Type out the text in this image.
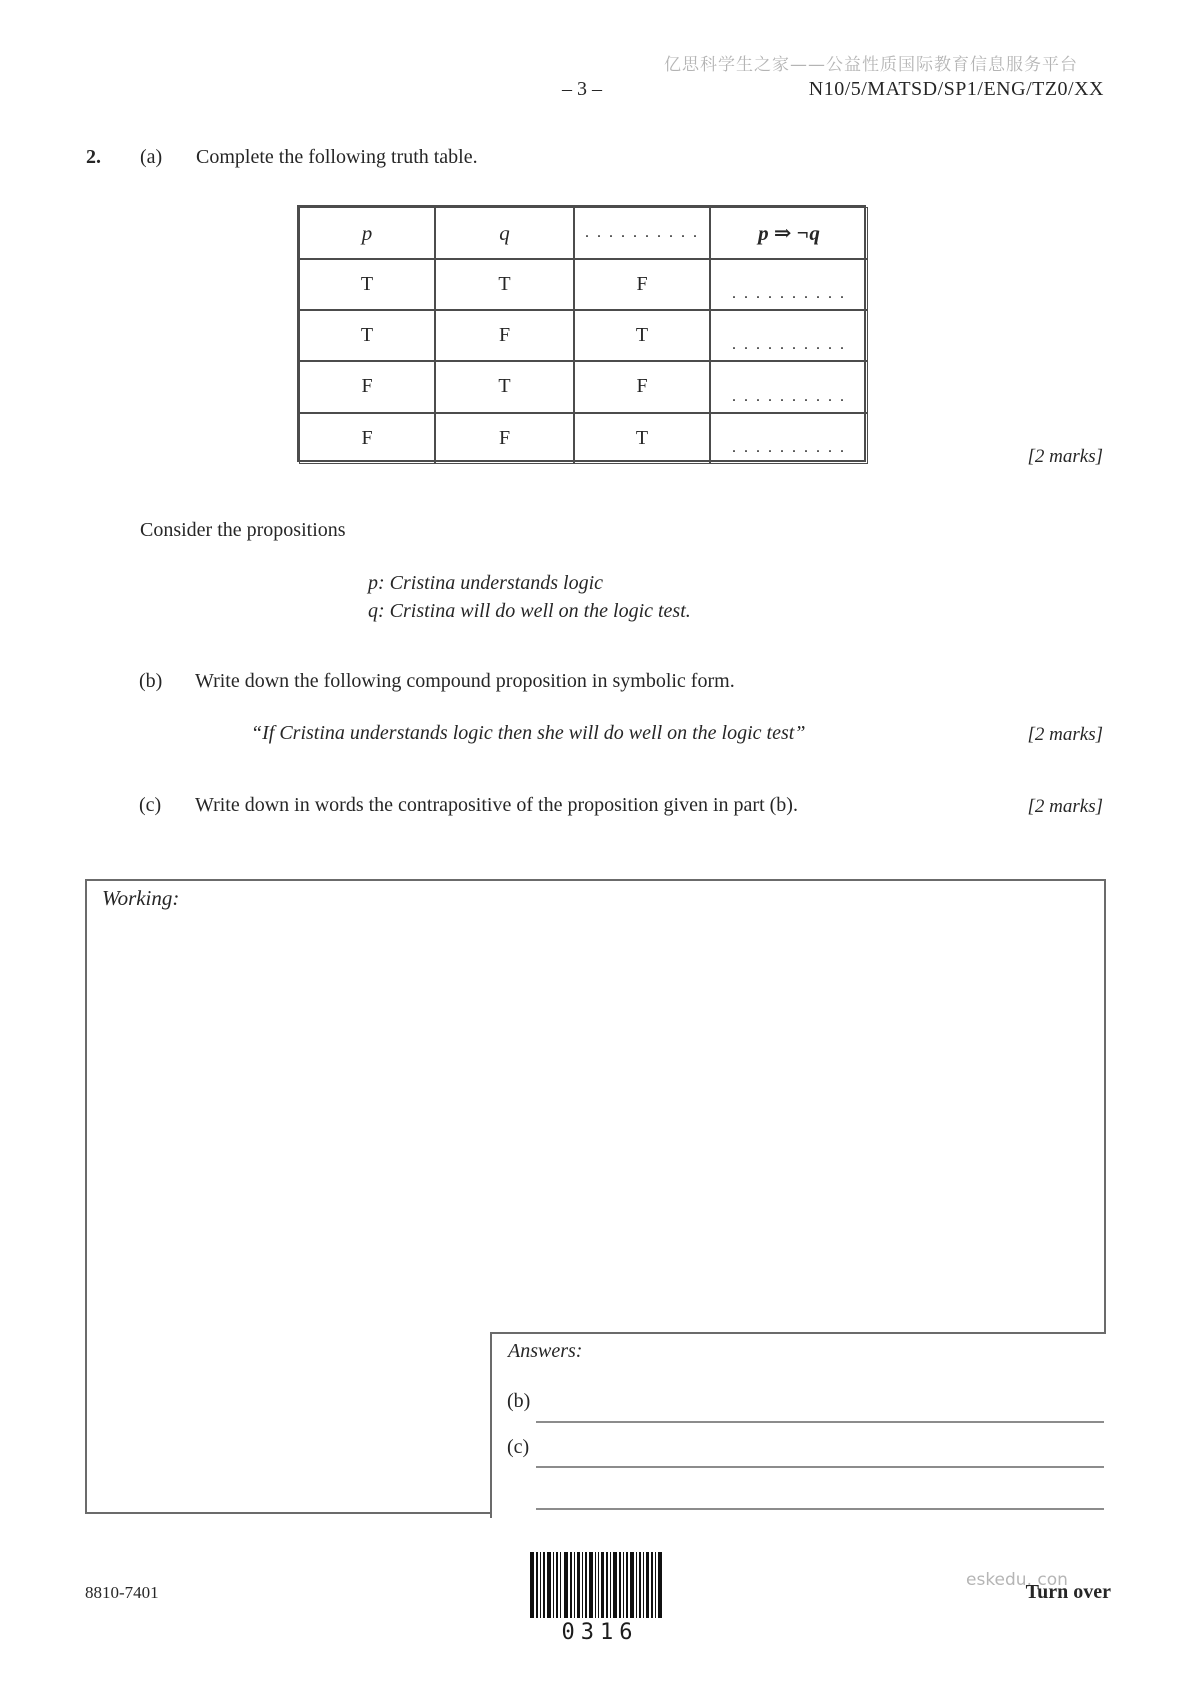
亿思科学生之家——公益性质国际教育信息服务平台
– 3 –	N10/5/MATSD/SP1/ENG/TZ0/XX
2. (a) Complete the following truth table.
p	q	. . . . . . . . . .	p ⇒ ¬q
T	T	F	. . . . . . . . . .
T	F	T	. . . . . . . . . .
F	T	F	. . . . . . . . . .
F	F	T	. . . . . . . . . .	[2 marks]
Consider the propositions
p: Cristina understands logic
q: Cristina will do well on the logic test.
(b) Write down the following compound proposition in symbolic form.
“If Cristina understands logic then she will do well on the logic test”	[2 marks]
(c) Write down in words the contrapositive of the proposition given in part (b).	[2 marks]
Working:
Answers:
(b)
(c)
8810-7401
0316
eskedu. con
Turn over
